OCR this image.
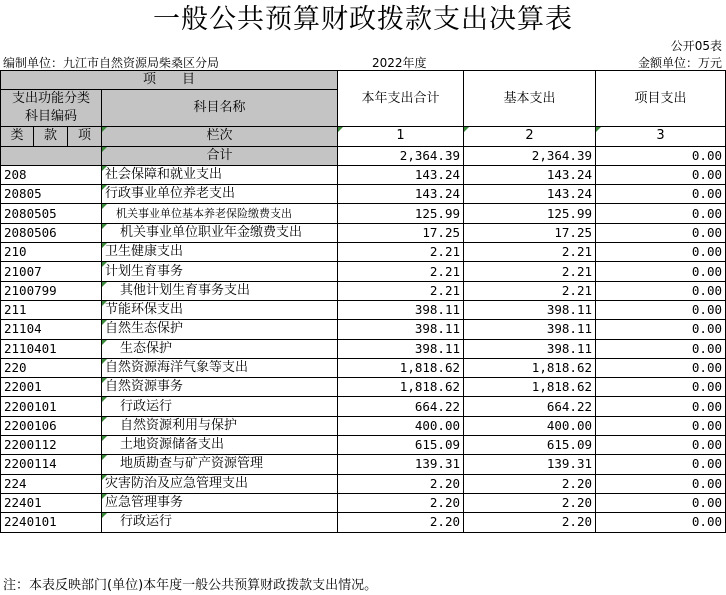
一般公共预算财政拨款支出决算表
公开05表
编制单位：九江市自然资源局柴桑区分局	2022年度	金额单位：万元
项　　目				本年支出合计	基本支出	项目支出
支出功能分类
科目编码			科目名称			

类	款	项				
			栏次	1	2	3
			合计	2,364.39	2,364.39	0.00
208			社会保障和就业支出	143.24	143.24	0.00
20805			行政事业单位养老支出	143.24	143.24	0.00
2080505			机关事业单位基本养老保险缴费支出	125.99	125.99	0.00
2080506			机关事业单位职业年金缴费支出	17.25	17.25	0.00
210			卫生健康支出	2.21	2.21	0.00
21007			计划生育事务	2.21	2.21	0.00
2100799			其他计划生育事务支出	2.21	2.21	0.00
211			节能环保支出	398.11	398.11	0.00
21104			自然生态保护	398.11	398.11	0.00
2110401			生态保护	398.11	398.11	0.00
220			自然资源海洋气象等支出	1,818.62	1,818.62	0.00
22001			自然资源事务	1,818.62	1,818.62	0.00
2200101			行政运行	664.22	664.22	0.00
2200106			自然资源利用与保护	400.00	400.00	0.00
2200112			土地资源储备支出	615.09	615.09	0.00
2200114			地质勘查与矿产资源管理	139.31	139.31	0.00
224			灾害防治及应急管理支出	2.20	2.20	0.00
22401			应急管理事务	2.20	2.20	0.00
2240101			行政运行	2.20	2.20	0.00
注：本表反映部门(单位)本年度一般公共预算财政拨款支出情况。
